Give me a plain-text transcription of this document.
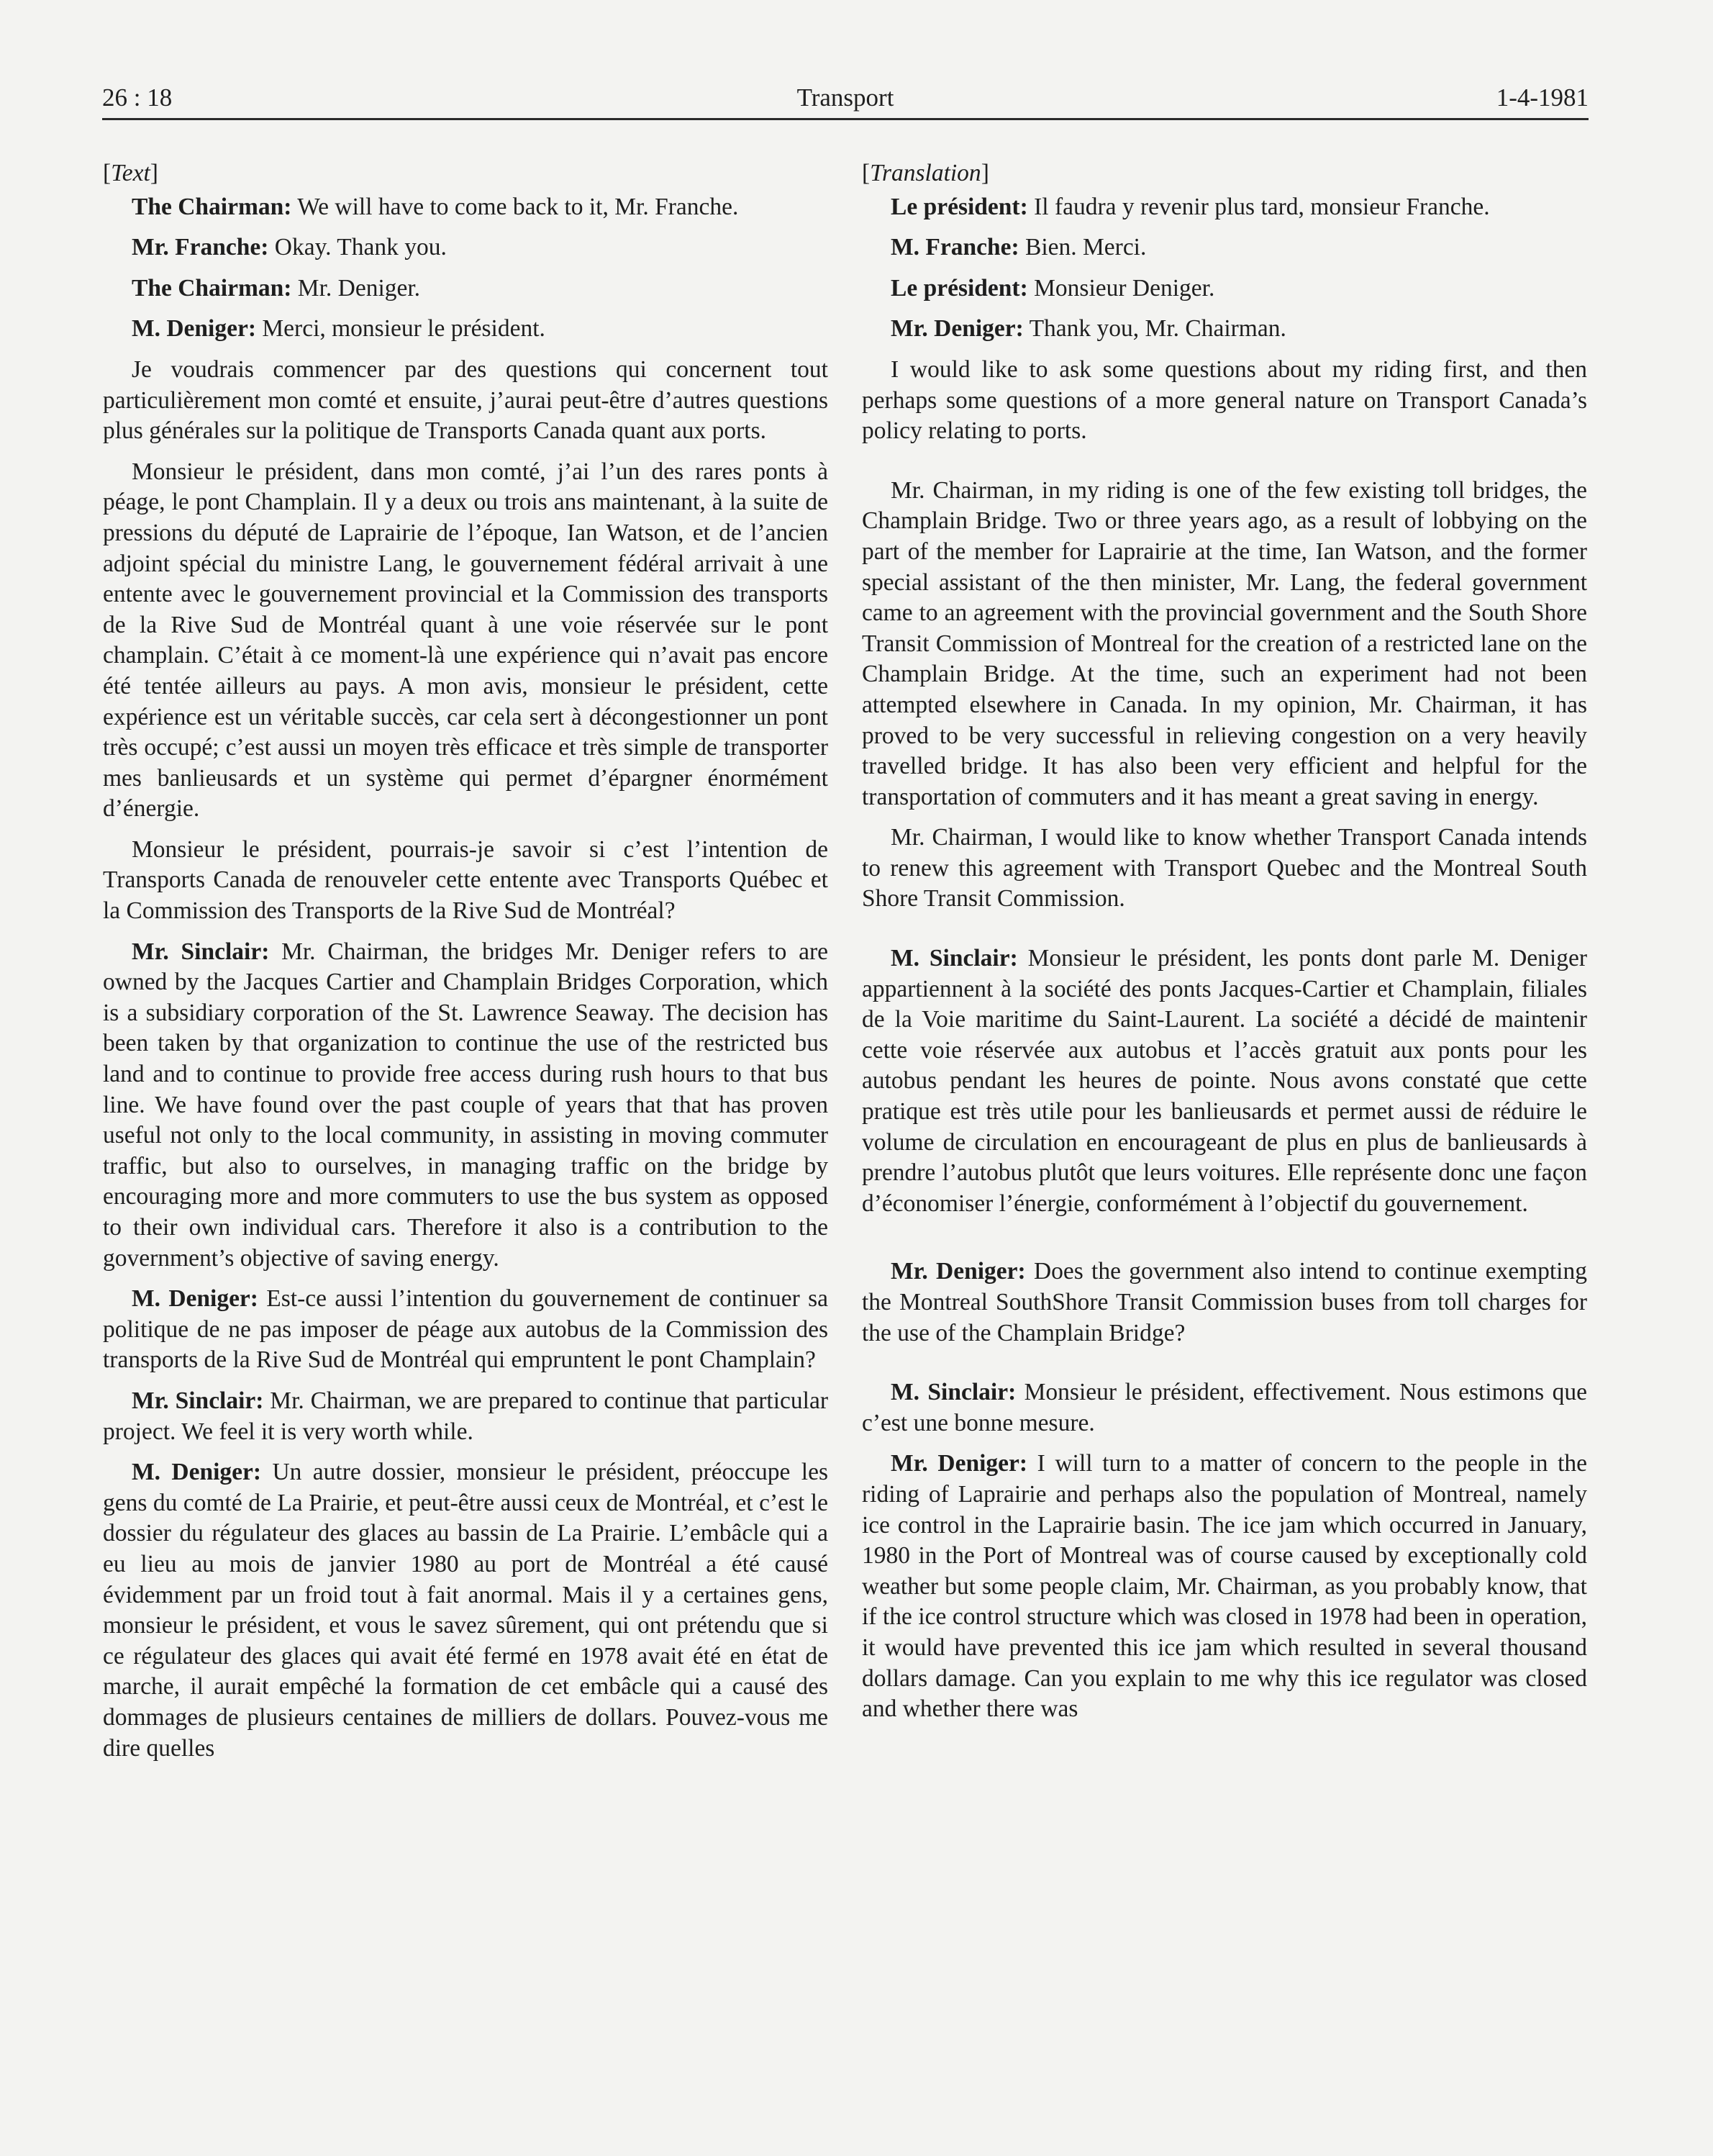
26 : 18	Transport	1-4-1981

[Text]

The Chairman: We will have to come back to it, Mr. Franche.

Mr. Franche: Okay. Thank you.

The Chairman: Mr. Deniger.

M. Deniger: Merci, monsieur le président.

Je voudrais commencer par des questions qui concernent tout particulièrement mon comté et ensuite, j’aurai peut-être d’autres questions plus générales sur la politique de Transports Canada quant aux ports.

Monsieur le président, dans mon comté, j’ai l’un des rares ponts à péage, le pont Champlain. Il y a deux ou trois ans maintenant, à la suite de pressions du député de Laprairie de l’époque, Ian Watson, et de l’ancien adjoint spécial du ministre Lang, le gouvernement fédéral arrivait à une entente avec le gouvernement provincial et la Commission des transports de la Rive Sud de Montréal quant à une voie réservée sur le pont champlain. C’était à ce moment-là une expérience qui n’avait pas encore été tentée ailleurs au pays. A mon avis, monsieur le président, cette expérience est un véritable succès, car cela sert à décongestionner un pont très occupé; c’est aussi un moyen très efficace et très simple de transporter mes banlieusards et un système qui permet d’épargner énormément d’énergie.

Monsieur le président, pourrais-je savoir si c’est l’intention de Transports Canada de renouveler cette entente avec Transports Québec et la Commission des Transports de la Rive Sud de Montréal?

Mr. Sinclair: Mr. Chairman, the bridges Mr. Deniger refers to are owned by the Jacques Cartier and Champlain Bridges Corporation, which is a subsidiary corporation of the St. Lawrence Seaway. The decision has been taken by that organization to continue the use of the restricted bus land and to continue to provide free access during rush hours to that bus line. We have found over the past couple of years that that has proven useful not only to the local community, in assisting in moving commuter traffic, but also to ourselves, in managing traffic on the bridge by encouraging more and more commuters to use the bus system as opposed to their own individual cars. Therefore it also is a contribution to the government’s objective of saving energy.

M. Deniger: Est-ce aussi l’intention du gouvernement de continuer sa politique de ne pas imposer de péage aux autobus de la Commission des transports de la Rive Sud de Montréal qui empruntent le pont Champlain?

Mr. Sinclair: Mr. Chairman, we are prepared to continue that particular project. We feel it is very worth while.

M. Deniger: Un autre dossier, monsieur le président, préoccupe les gens du comté de La Prairie, et peut-être aussi ceux de Montréal, et c’est le dossier du régulateur des glaces au bassin de La Prairie. L’embâcle qui a eu lieu au mois de janvier 1980 au port de Montréal a été causé évidemment par un froid tout à fait anormal. Mais il y a certaines gens, monsieur le président, et vous le savez sûrement, qui ont prétendu que si ce régulateur des glaces qui avait été fermé en 1978 avait été en état de marche, il aurait empêché la formation de cet embâcle qui a causé des dommages de plusieurs centaines de milliers de dollars. Pouvez-vous me dire quelles

[Translation]

Le président: Il faudra y revenir plus tard, monsieur Franche.

M. Franche: Bien. Merci.

Le président: Monsieur Deniger.

Mr. Deniger: Thank you, Mr. Chairman.

I would like to ask some questions about my riding first, and then perhaps some questions of a more general nature on Transport Canada’s policy relating to ports.

Mr. Chairman, in my riding is one of the few existing toll bridges, the Champlain Bridge. Two or three years ago, as a result of lobbying on the part of the member for Laprairie at the time, Ian Watson, and the former special assistant of the then minister, Mr. Lang, the federal government came to an agreement with the provincial government and the South Shore Transit Commission of Montreal for the creation of a restricted lane on the Champlain Bridge. At the time, such an experiment had not been attempted elsewhere in Canada. In my opinion, Mr. Chairman, it has proved to be very successful in relieving congestion on a very heavily travelled bridge. It has also been very efficient and helpful for the transportation of commuters and it has meant a great saving in energy.

Mr. Chairman, I would like to know whether Transport Canada intends to renew this agreement with Transport Quebec and the Montreal South Shore Transit Commission.

M. Sinclair: Monsieur le président, les ponts dont parle M. Deniger appartiennent à la société des ponts Jacques-Cartier et Champlain, filiales de la Voie maritime du Saint-Laurent. La société a décidé de maintenir cette voie réservée aux autobus et l’accès gratuit aux ponts pour les autobus pendant les heures de pointe. Nous avons constaté que cette pratique est très utile pour les banlieusards et permet aussi de réduire le volume de circulation en encourageant de plus en plus de banlieusards à prendre l’autobus plutôt que leurs voitures. Elle représente donc une façon d’économiser l’énergie, conformément à l’objectif du gouvernement.

Mr. Deniger: Does the government also intend to continue exempting the Montreal SouthShore Transit Commission buses from toll charges for the use of the Champlain Bridge?

M. Sinclair: Monsieur le président, effectivement. Nous estimons que c’est une bonne mesure.

Mr. Deniger: I will turn to a matter of concern to the people in the riding of Laprairie and perhaps also the population of Montreal, namely ice control in the Laprairie basin. The ice jam which occurred in January, 1980 in the Port of Montreal was of course caused by exceptionally cold weather but some people claim, Mr. Chairman, as you probably know, that if the ice control structure which was closed in 1978 had been in operation, it would have prevented this ice jam which resulted in several thousand dollars damage. Can you explain to me why this ice regulator was closed and whether there was
